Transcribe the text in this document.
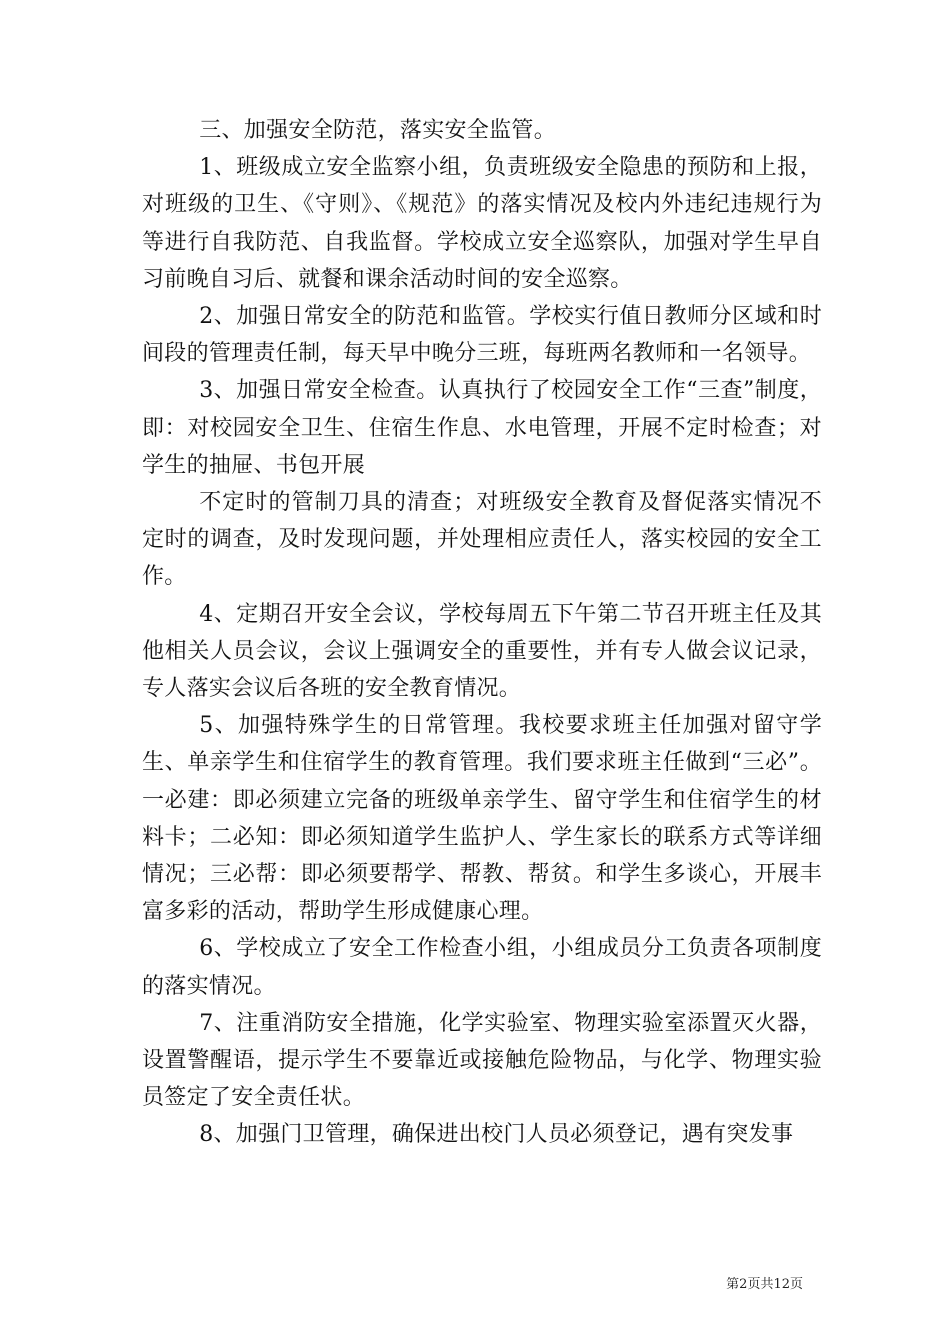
三、加强安全防范，落实安全监管。

1、班级成立安全监察小组，负责班级安全隐患的预防和上报，对班级的卫生、《守则》、《规范》的落实情况及校内外违纪违规行为等进行自我防范、自我监督。学校成立安全巡察队，加强对学生早自习前晚自习后、就餐和课余活动时间的安全巡察。

2、加强日常安全的防范和监管。学校实行值日教师分区域和时间段的管理责任制，每天早中晚分三班，每班两名教师和一名领导。

3、加强日常安全检查。认真执行了校园安全工作“三查”制度，即：对校园安全卫生、住宿生作息、水电管理，开展不定时检查；对学生的抽屉、书包开展

不定时的管制刀具的清查；对班级安全教育及督促落实情况不定时的调查，及时发现问题，并处理相应责任人，落实校园的安全工作。

4、定期召开安全会议，学校每周五下午第二节召开班主任及其他相关人员会议，会议上强调安全的重要性，并有专人做会议记录，专人落实会议后各班的安全教育情况。

5、加强特殊学生的日常管理。我校要求班主任加强对留守学生、单亲学生和住宿学生的教育管理。我们要求班主任做到“三必”。一必建：即必须建立完备的班级单亲学生、留守学生和住宿学生的材料卡；二必知：即必须知道学生监护人、学生家长的联系方式等详细情况；三必帮：即必须要帮学、帮教、帮贫。和学生多谈心，开展丰富多彩的活动，帮助学生形成健康心理。

6、学校成立了安全工作检查小组，小组成员分工负责各项制度的落实情况。

7、注重消防安全措施，化学实验室、物理实验室添置灭火器，设置警醒语，提示学生不要靠近或接触危险物品，与化学、物理实验员签定了安全责任状。

8、加强门卫管理，确保进出校门人员必须登记，遇有突发事

第2页共12页
